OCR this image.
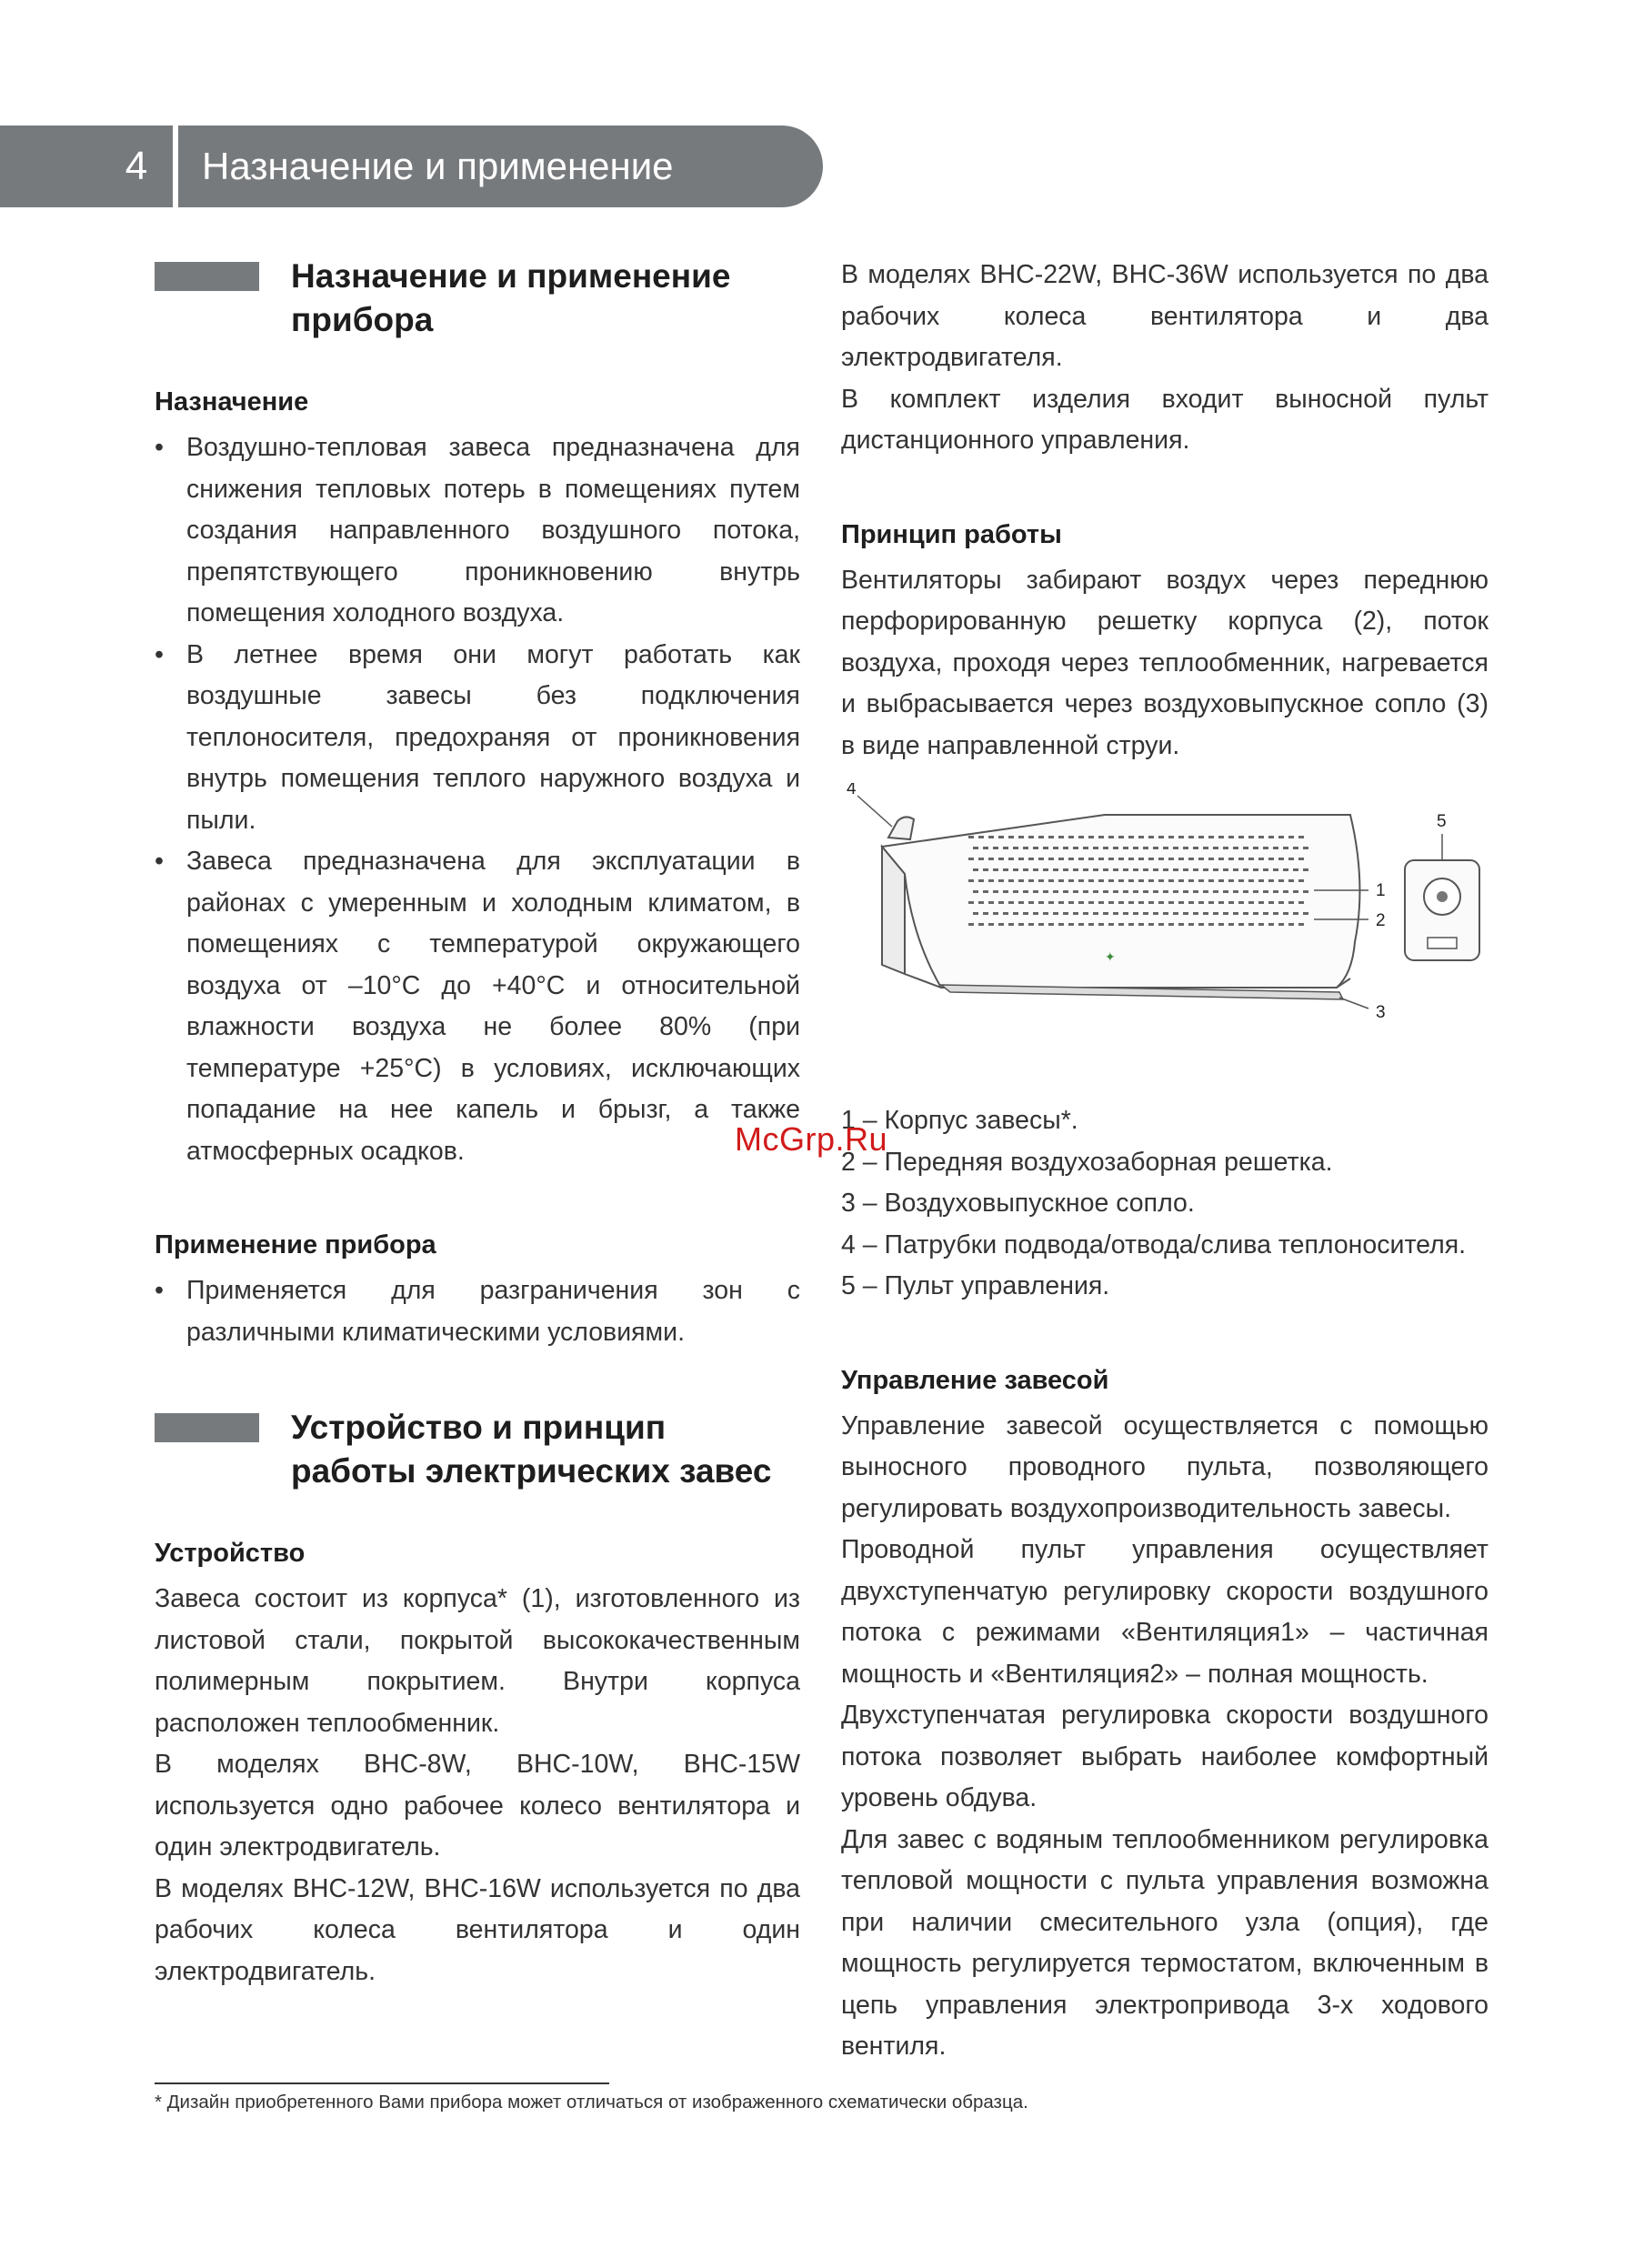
4 Назначение и применение

Назначение и применение
прибора

Назначение

• Воздушно-тепловая завеса предназначена для снижения тепловых потерь в помещениях путем создания направленного воздушного потока, препятствующего проникновению внутрь помещения холодного воздуха.
• В летнее время они могут работать как воздушные завесы без подключения теплоносителя, предохраняя от проникновения внутрь помещения теплого наружного воздуха и пыли.
• Завеса предназначена для эксплуатации в районах с умеренным и холодным климатом, в помещениях с температурой окружающего воздуха от –10°C до +40°C и относительной влажности воздуха не более 80% (при температуре +25°C) в условиях, исключающих попадание на нее капель и брызг, а также атмосферных осадков.

Применение прибора

• Применяется для разграничения зон с различными климатическими условиями.

Устройство и принцип
работы электрических завес

Устройство

Завеса состоит из корпуса* (1), изготовленного из листовой стали, покрытой высококачественным полимерным покрытием. Внутри корпуса расположен теплообменник.

В моделях BHC-8W, BHC-10W, BHC-15W используется одно рабочее колесо вентилятора и один электродвигатель.

В моделях BHC-12W, BHC-16W используется по два рабочих колеса вентилятора и один электродвигатель.

В моделях BHC-22W, BHC-36W используется по два рабочих колеса вентилятора и два электродвигателя.

В комплект изделия входит выносной пульт дистанционного управления.

Принцип работы

Вентиляторы забирают воздух через переднюю перфорированную решетку корпуса (2), поток воздуха, проходя через теплообменник, нагревается и выбрасывается через воздуховыпускное сопло (3) в виде направленной струи.

✦
4
1
2
3
5
1 – Корпус завесы*.
2 – Передняя воздухозаборная решетка.
3 – Воздуховыпускное сопло.
4 – Патрубки подвода/отвода/слива теплоносителя.
5 – Пульт управления.

Управление завесой

Управление завесой осуществляется с помощью выносного проводного пульта, позволяющего регулировать воздухопроизводительность завесы.

Проводной пульт управления осуществляет двухступенчатую регулировку скорости воздушного потока с режимами «Вентиляция1» – частичная мощность и «Вентиляция2» – полная мощность.

Двухступенчатая регулировка скорости воздушного потока позволяет выбрать наиболее комфортный уровень обдува.

Для завес с водяным теплообменником регулировка тепловой мощности с пульта управления возможна при наличии смесительного узла (опция), где мощность регулируется термостатом, включенным в цепь управления электропривода 3-х ходового вентиля.

McGrp.Ru
* Дизайн приобретенного Вами прибора может отличаться от изображенного схематически образца.
